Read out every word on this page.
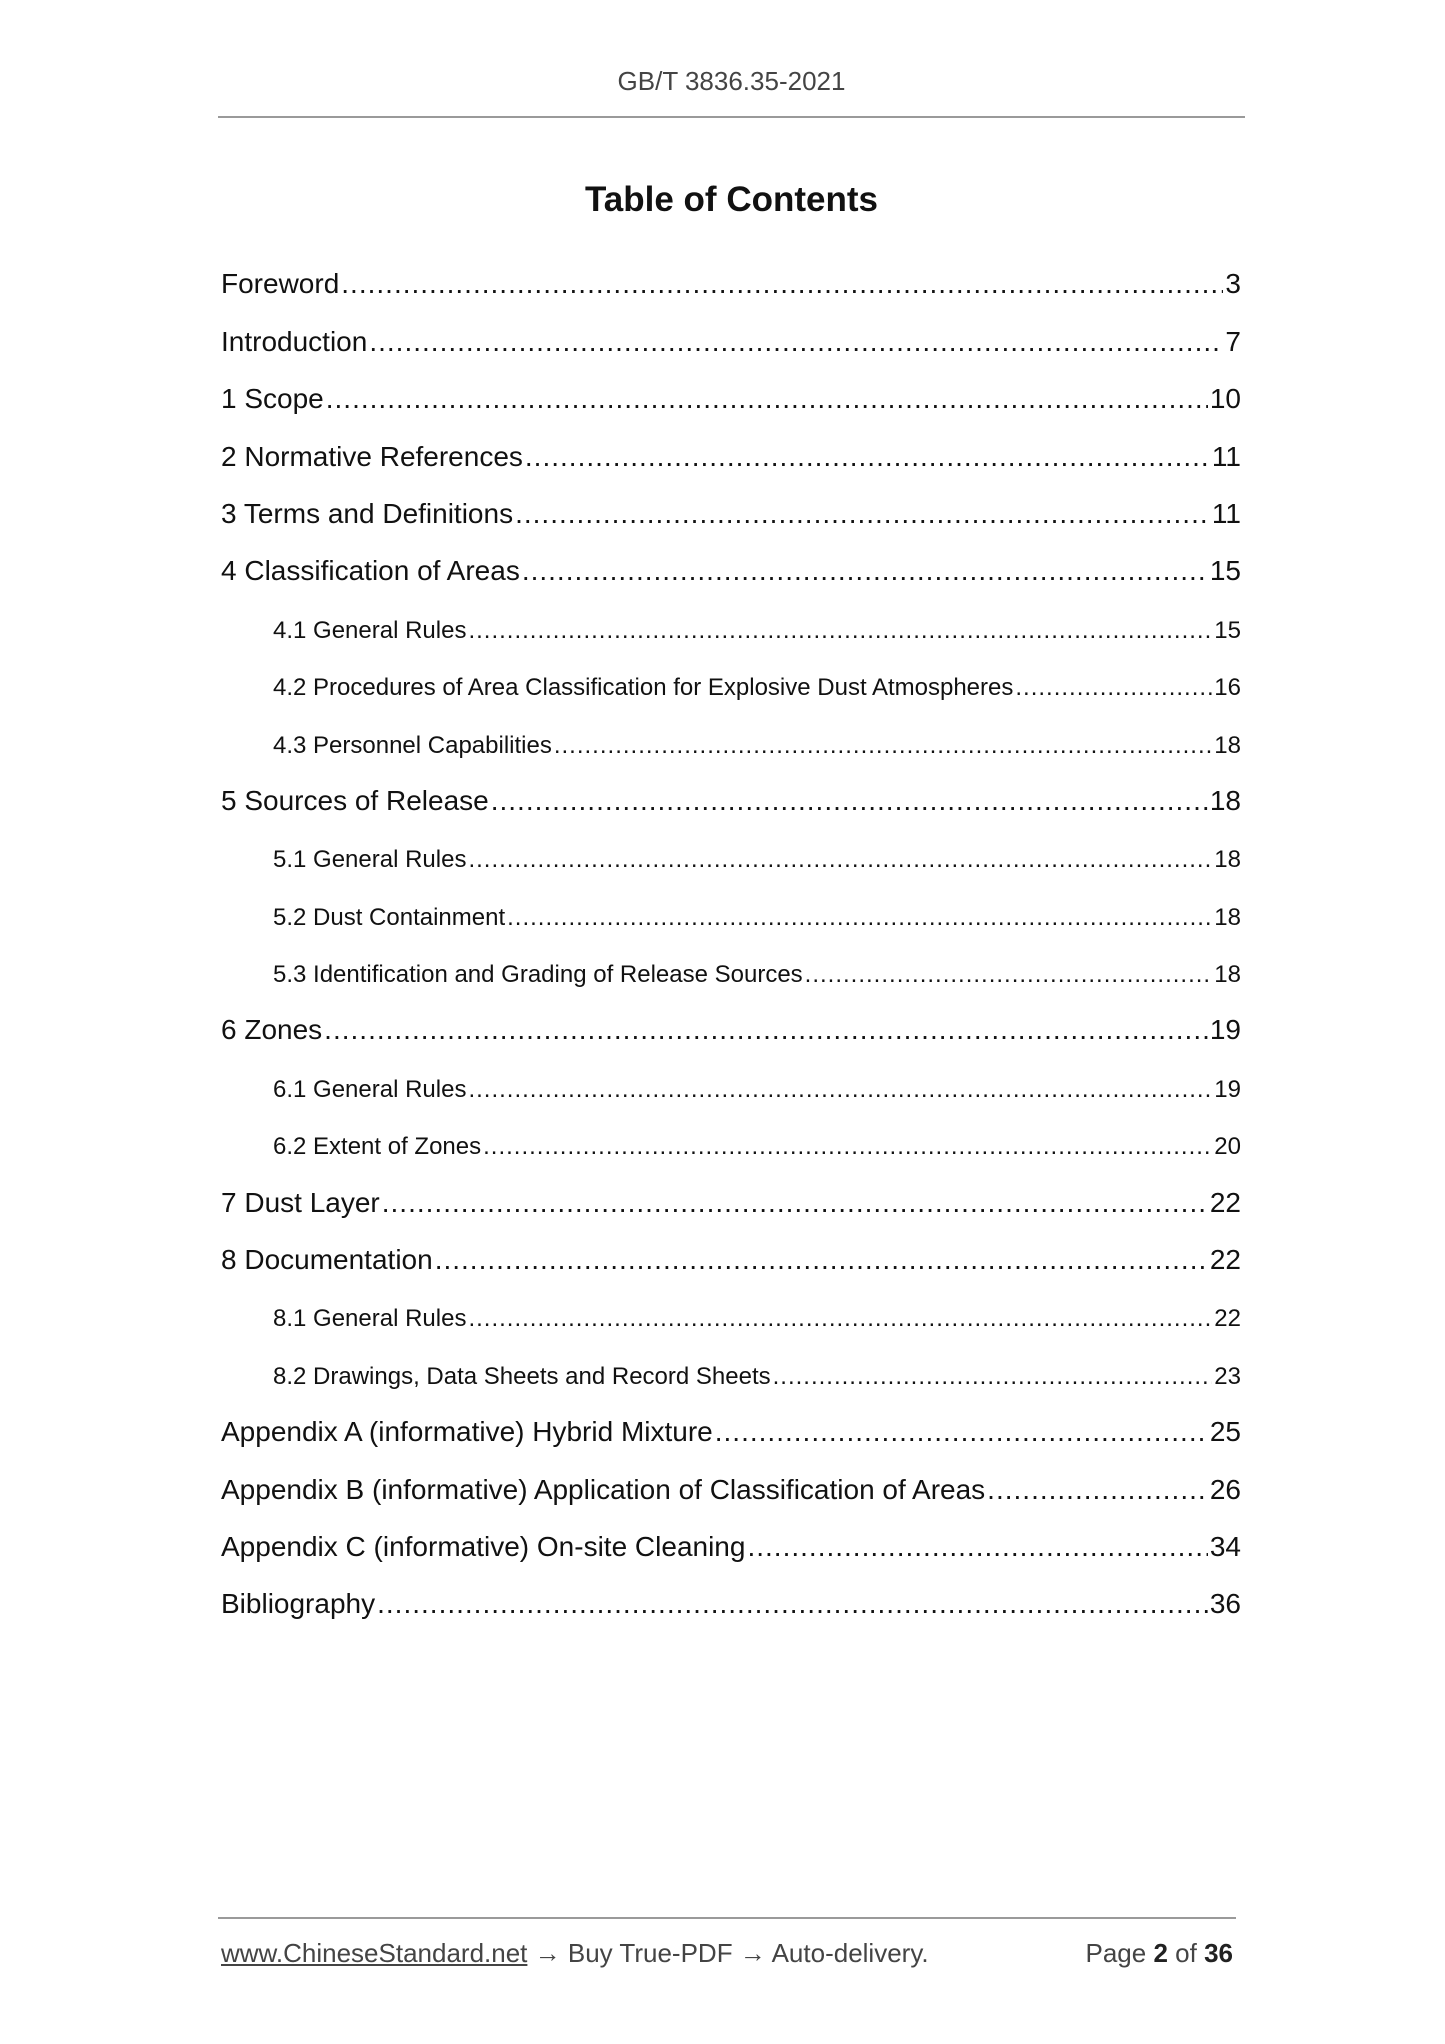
GB/T 3836.35-2021
Table of Contents
Foreword .....	3
Introduction .....	7
1 Scope .....	10
2 Normative References .....	11
3 Terms and Definitions .....	11
4 Classification of Areas .....	15
4.1 General Rules .....	15
4.2 Procedures of Area Classification for Explosive Dust Atmospheres .....	16
4.3 Personnel Capabilities .....	18
5 Sources of Release .....	18
5.1 General Rules .....	18
5.2 Dust Containment .....	18
5.3 Identification and Grading of Release Sources .....	18
6 Zones .....	19
6.1 General Rules .....	19
6.2 Extent of Zones .....	20
7 Dust Layer .....	22
8 Documentation .....	22
8.1 General Rules .....	22
8.2 Drawings, Data Sheets and Record Sheets .....	23
Appendix A (informative) Hybrid Mixture .....	25
Appendix B (informative) Application of Classification of Areas .....	26
Appendix C (informative) On-site Cleaning .....	34
Bibliography .....	36
www.ChineseStandard.net → Buy True-PDF → Auto-delivery.	Page 2 of 36
